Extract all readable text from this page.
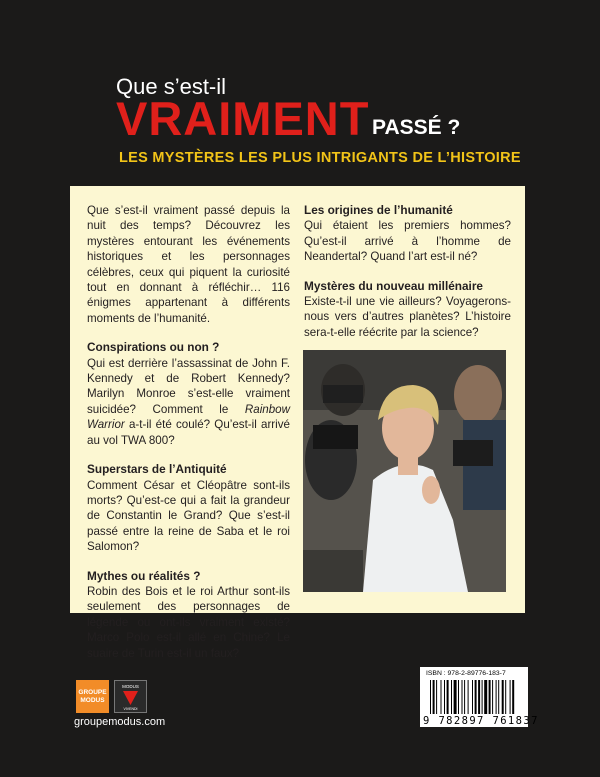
Que s’est-il
VRAIMENT PASSÉ ?
LES MYSTÈRES LES PLUS INTRIGANTS DE L’HISTOIRE

Que s’est-il vraiment passé depuis la nuit des temps? Découvrez les mystères entourant les événements historiques et les personnages célèbres, ceux qui piquent la curiosité tout en donnant à réfléchir… 116 énigmes appartenant à différents moments de l’humanité.

Conspirations ou non ?

Qui est derrière l’assassinat de John F. Kennedy et de Robert Kennedy? Marilyn Monroe s’est-elle vraiment suicidée? Comment le Rainbow Warrior a-t-il été coulé? Qu’est-il arrivé au vol TWA 800?

Superstars de l’Antiquité

Comment César et Cléopâtre sont-ils morts? Qu’est-ce qui a fait la grandeur de Constantin le Grand? Que s’est-il passé entre la reine de Saba et le roi Salomon?

Mythes ou réalités ?

Robin des Bois et le roi Arthur sont-ils seulement des personnages de légende ou ont-ils vraiment existé? Marco Polo est-il allé en Chine? Le suaire de Turin est-il un faux?

Les origines de l’humanité

Qui étaient les premiers hommes? Qu’est-il arrivé à l’homme de Neandertal? Quand l’art est-il né?

Mystères du nouveau millénaire

Existe-t-il une vie ailleurs? Voyagerons-nous vers d’autres planètes? L’histoire sera-t-elle réécrite par la science?

GROUPE
MODUS
MODUS
VIVENDI
groupemodus.com
ISBN : 978-2-89776-183-7
9 782897 761837
